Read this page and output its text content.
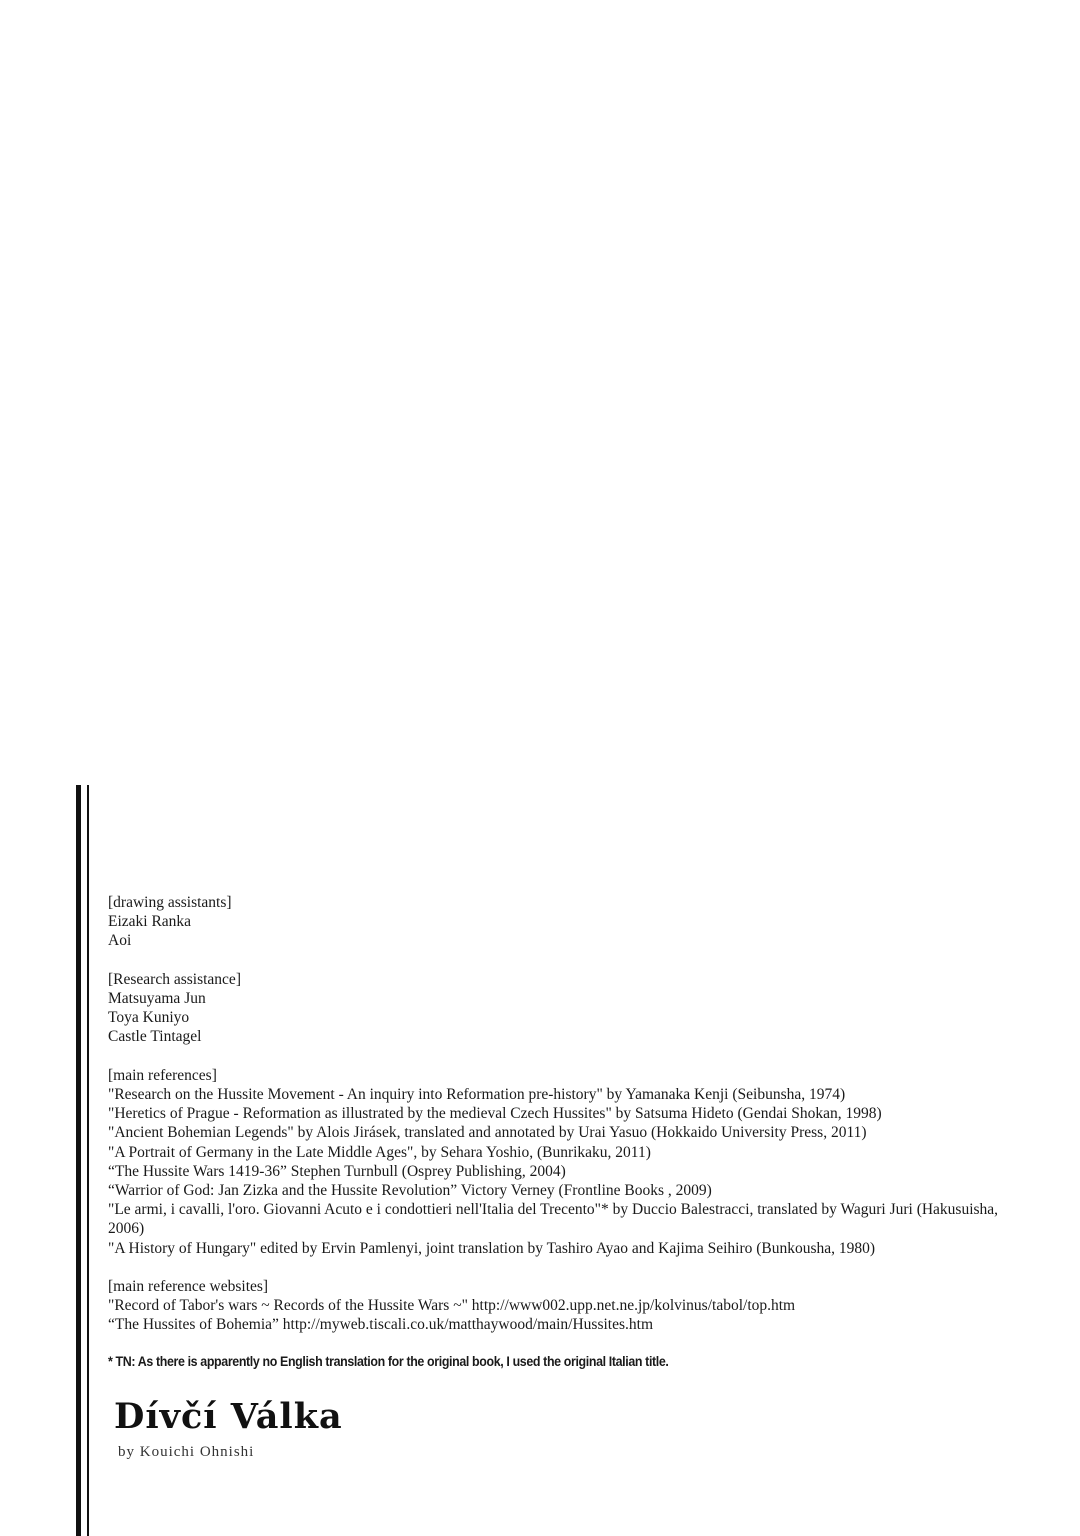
[drawing assistants]
Eizaki Ranka
Aoi
[Research assistance]
Matsuyama Jun
Toya Kuniyo
Castle Tintagel
[main references]
"Research on the Hussite Movement - An inquiry into Reformation pre-history" by Yamanaka Kenji (Seibunsha, 1974)
"Heretics of Prague - Reformation as illustrated by the medieval Czech Hussites" by Satsuma Hideto (Gendai Shokan, 1998)
"Ancient Bohemian Legends" by Alois Jirásek, translated and annotated by Urai Yasuo (Hokkaido University Press, 2011)
"A Portrait of Germany in the Late Middle Ages", by Sehara Yoshio, (Bunrikaku, 2011)
“The Hussite Wars 1419-36” Stephen Turnbull (Osprey Publishing, 2004)
“Warrior of God: Jan Zizka and the Hussite Revolution” Victory Verney (Frontline Books , 2009)
"Le armi, i cavalli, l'oro. Giovanni Acuto e i condottieri nell'Italia del Trecento"* by Duccio Balestracci, translated by Waguri Juri (Hakusuisha, 2006)
"A History of Hungary" edited by Ervin Pamlenyi, joint translation by Tashiro Ayao and Kajima Seihiro (Bunkousha, 1980)
[main reference websites]
"Record of Tabor's wars ~ Records of the Hussite Wars ~" http://www002.upp.net.ne.jp/kolvinus/tabol/top.htm
“The Hussites of Bohemia” http://myweb.tiscali.co.uk/matthaywood/main/Hussites.htm
* TN: As there is apparently no English translation for the original book, I used the original Italian title.
Dívčí Válka
by Kouichi Ohnishi
